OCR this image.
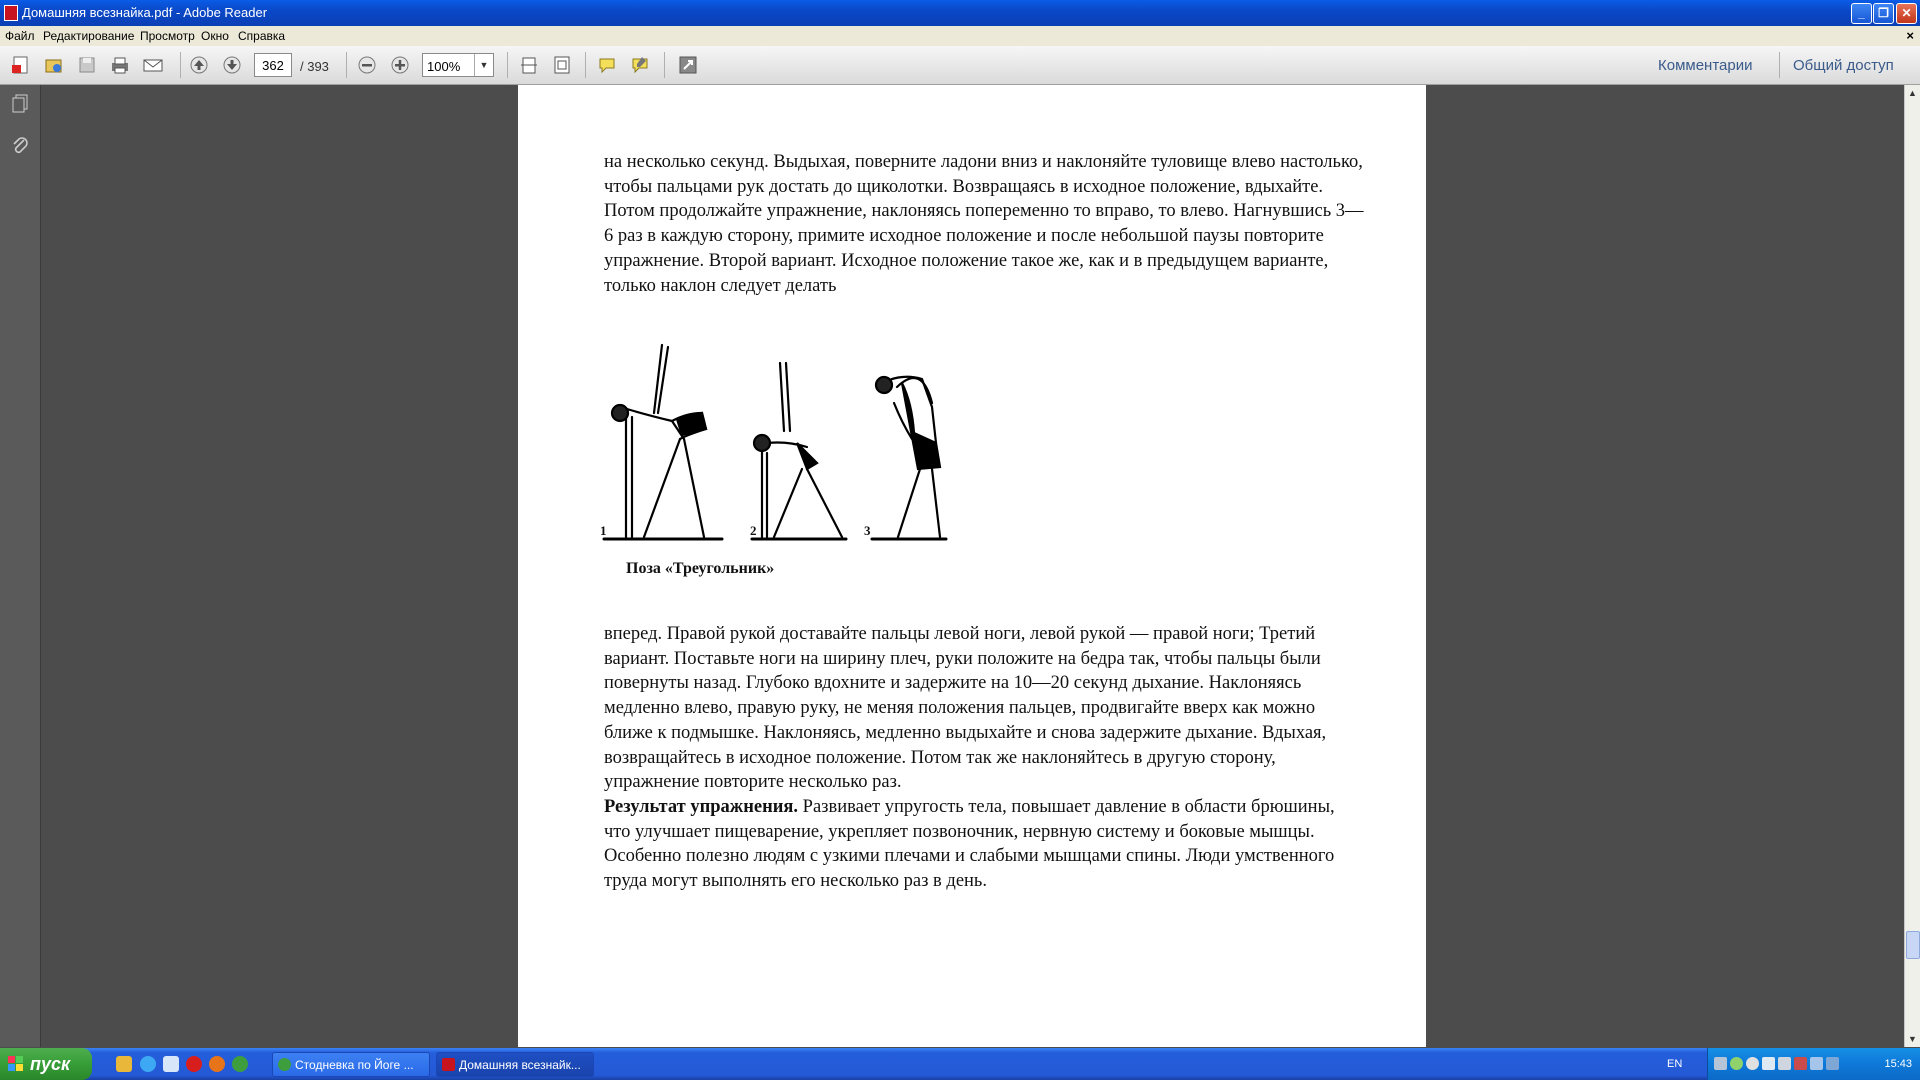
Домашняя всезнайка.pdf - Adobe Reader	_	❐	✕
Файл Редактирование Просмотр Окно Справка	×
362
/ 393
100%	▼	Комментарии	Общий доступ

на несколько секунд. Выдыхая, поверните ладони вниз и наклоняйте туловище влево настолько, чтобы пальцами рук достать до щиколотки. Возвращаясь в исходное положение, вдыхайте. Потом продолжайте упражнение, наклоняясь попеременно то вправо, то влево. Нагнувшись 3—6 раз в каждую сторону, примите исходное положение и после небольшой паузы повторите упражнение. Второй вариант. Исходное положение такое же, как и в предыдущем варианте, только наклон следует делать

1	2	3
Поза «Треугольник»

вперед. Правой рукой доставайте пальцы левой ноги, левой рукой — правой ноги; Третий вариант. Поставьте ноги на ширину плеч, руки положите на бедра так, чтобы пальцы были повернуты назад. Глубоко вдохните и задержите на 10—20 секунд дыхание. Наклоняясь медленно влево, правую руку, не меняя положения пальцев, продвигайте вверх как можно ближе к подмышке. Наклоняясь, медленно выдыхайте и снова задержите дыхание. Вдыхая, возвращайтесь в исходное положение. Потом так же наклоняйтесь в другую сторону, упражнение повторите несколько раз.

Результат упражнения. Развивает упругость тела, повышает давление в области брюшины, что улучшает пищеварение, укрепляет позвоночник, нервную систему и боковые мышцы. Особенно полезно людям с узкими плечами и слабыми мышцами спины. Люди умственного труда могут выполнять его несколько раз в день.

▲
▼
пуск	Стодневка по Йоге ...	Домашняя всезнайк...	15:43
EN
